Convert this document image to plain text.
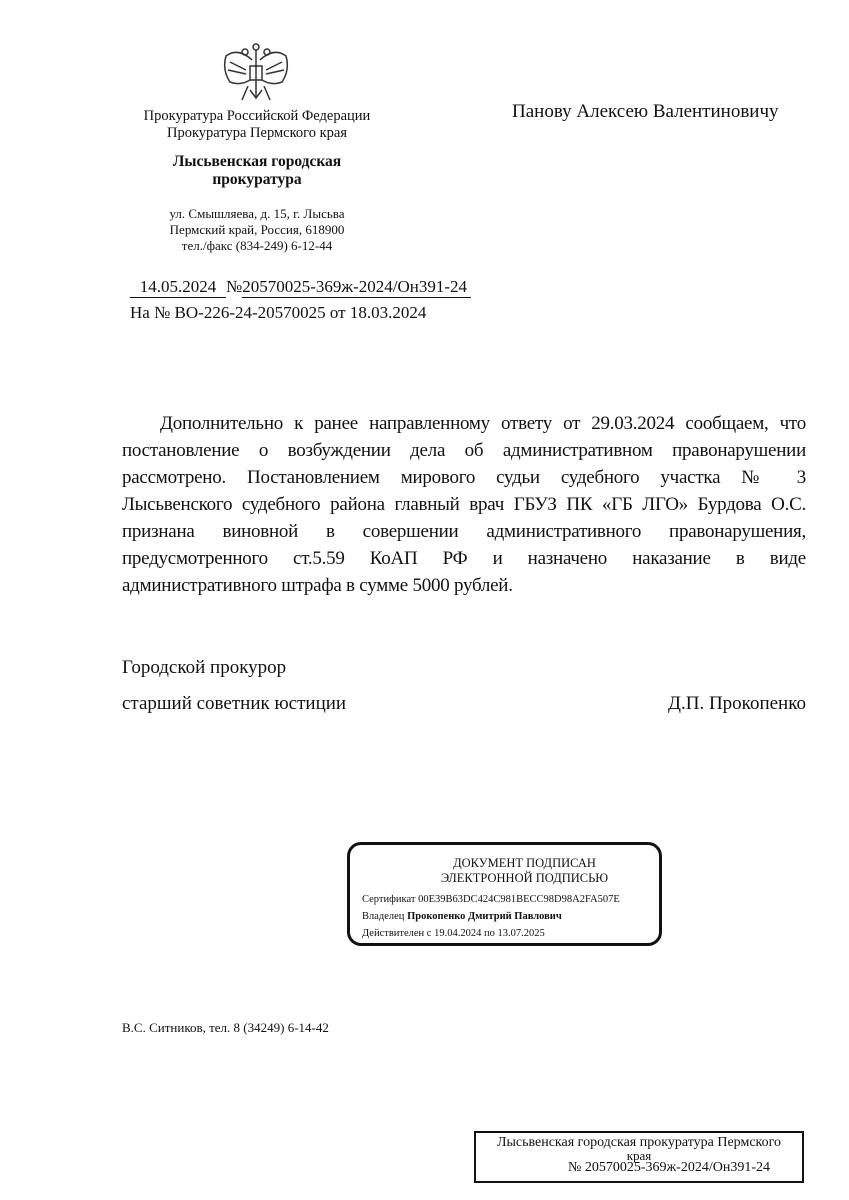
Прокуратура Российской Федерации
Прокуратура Пермского края
Лысьвенская городская
прокуратура
ул. Смышляева, д. 15, г. Лысьва
Пермский край, Россия, 618900
тел./факс (834-249) 6-12-44
Панову Алексею Валентиновичу
14.05.2024 №20570025-369ж-2024/Он391-24
На № ВО-226-24-20570025 от 18.03.2024
Дополнительно к ранее направленному ответу от 29.03.2024 сообщаем, что
постановление о возбуждении дела об административном правонарушении
рассмотрено. Постановлением мирового судьи судебного участка № 3
Лысьвенского судебного района главный врач ГБУЗ ПК «ГБ ЛГО» Бурдова О.С.
признана виновной в совершении административного правонарушения,
предусмотренного ст.5.59 КоАП РФ и назначено наказание в виде
административного штрафа в сумме 5000 рублей.
Городской прокурор
старший советник юстиции	Д.П. Прокопенко
ДОКУМЕНТ ПОДПИСАН
ЭЛЕКТРОННОЙ ПОДПИСЬЮ
Сертификат 00E39B63DC424C981BECC98D98A2FA507E
Владелец Прокопенко Дмитрий Павлович
Действителен с 19.04.2024 по 13.07.2025
В.С. Ситников, тел. 8 (34249) 6-14-42
Лысьвенская городская прокуратура Пермского
края
№ 20570025-369ж-2024/Он391-24
